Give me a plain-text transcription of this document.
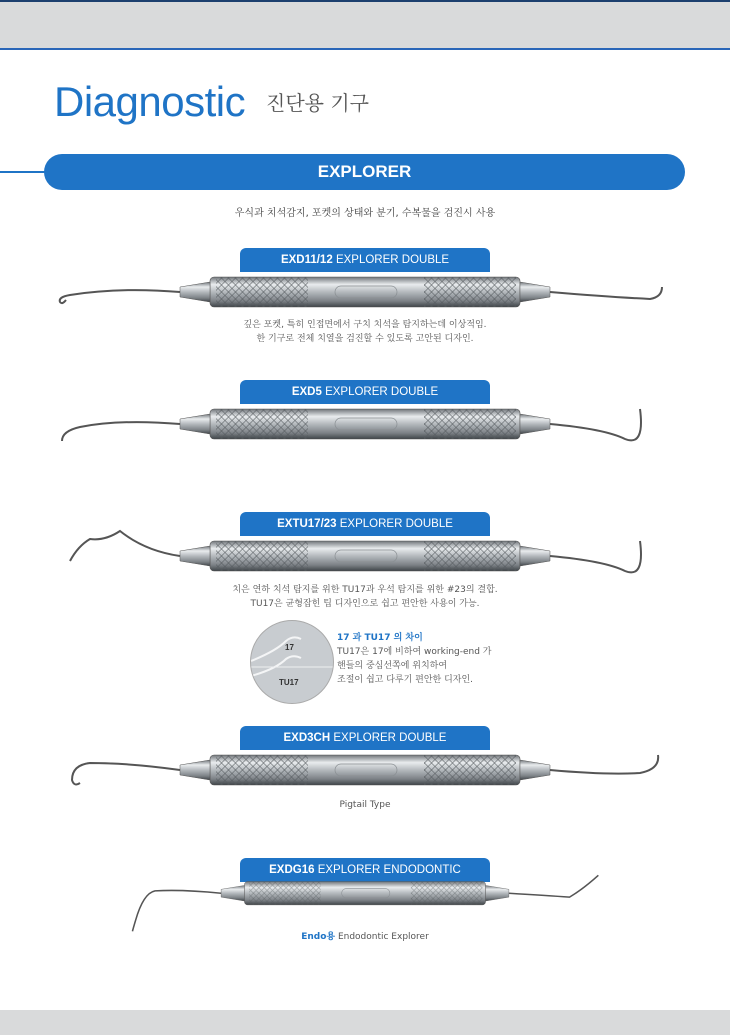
Diagnostic 진단용 기구
EXPLORER
우식과 치석감지, 포켓의 상태와 분기, 수복물을 검진시 사용
EXD11/12 EXPLORER DOUBLE
깊은 포켓, 특히 인접면에서 구치 치석을 탐지하는데 이상적임.
한 기구로 전체 치열을 검진할 수 있도록 고안된 디자인.
EXD5 EXPLORER DOUBLE
EXTU17/23 EXPLORER DOUBLE
치은 연하 치석 탐지를 위한 TU17과 우석 탐지를 위한 #23의 결합.
TU17은 균형잡힌 팁 디자인으로 쉽고 편안한 사용이 가능.
17
TU17
17 과 TU17 의 차이
TU17은 17에 비하여 working-end 가
핸들의 중심선쪽에 위치하여
조절이 쉽고 다루기 편안한 디자인.
EXD3CH EXPLORER DOUBLE
Pigtail Type
EXDG16 EXPLORER ENDODONTIC
Endo용 Endodontic Explorer
